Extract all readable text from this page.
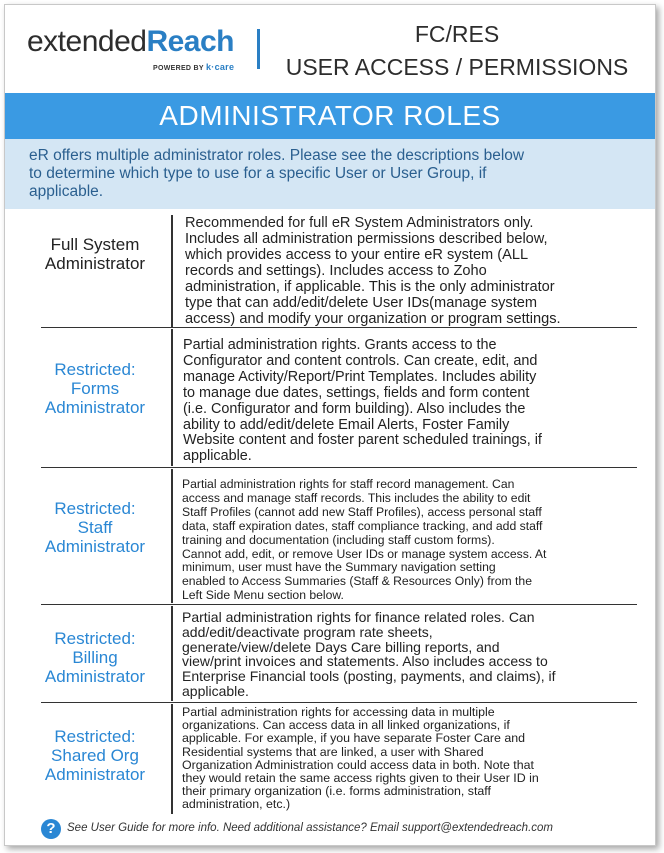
extendedReach
POWERED BY k·care
FC/RES
USER ACCESS / PERMISSIONS
ADMINISTRATOR ROLES
eR offers multiple administrator roles. Please see the descriptions below
to determine which type to use for a specific User or User Group, if
applicable.
Full System
Administrator
Recommended for full eR System Administrators only.
Includes all administration permissions described below,
which provides access to your entire eR system (ALL
records and settings). Includes access to Zoho
administration, if applicable. This is the only administrator
type that can add/edit/delete User IDs(manage system
access) and modify your organization or program settings.
Restricted:
Forms
Administrator
Partial administration rights. Grants access to the
Configurator and content controls. Can create, edit, and
manage Activity/Report/Print Templates. Includes ability
to manage due dates, settings, fields and form content
(i.e. Configurator and form building). Also includes the
ability to add/edit/delete Email Alerts, Foster Family
Website content and foster parent scheduled trainings, if
applicable.
Restricted:
Staff
Administrator
Partial administration rights for staff record management. Can
access and manage staff records. This includes the ability to edit
Staff Profiles (cannot add new Staff Profiles), access personal staff
data, staff expiration dates, staff compliance tracking, and add staff
training and documentation (including staff custom forms).
Cannot add, edit, or remove User IDs or manage system access. At
minimum, user must have the Summary navigation setting
enabled to Access Summaries (Staff & Resources Only) from the
Left Side Menu section below.
Restricted:
Billing
Administrator
Partial administration rights for finance related roles. Can
add/edit/deactivate program rate sheets,
generate/view/delete Days Care billing reports, and
view/print invoices and statements. Also includes access to
Enterprise Financial tools (posting, payments, and claims), if
applicable.
Restricted:
Shared Org
Administrator
Partial administration rights for accessing data in multiple
organizations. Can access data in all linked organizations, if
applicable. For example, if you have separate Foster Care and
Residential systems that are linked, a user with Shared
Organization Administration could access data in both. Note that
they would retain the same access rights given to their User ID in
their primary organization (i.e. forms administration, staff
administration, etc.)
? See User Guide for more info. Need additional assistance? Email support@extendedreach.com
